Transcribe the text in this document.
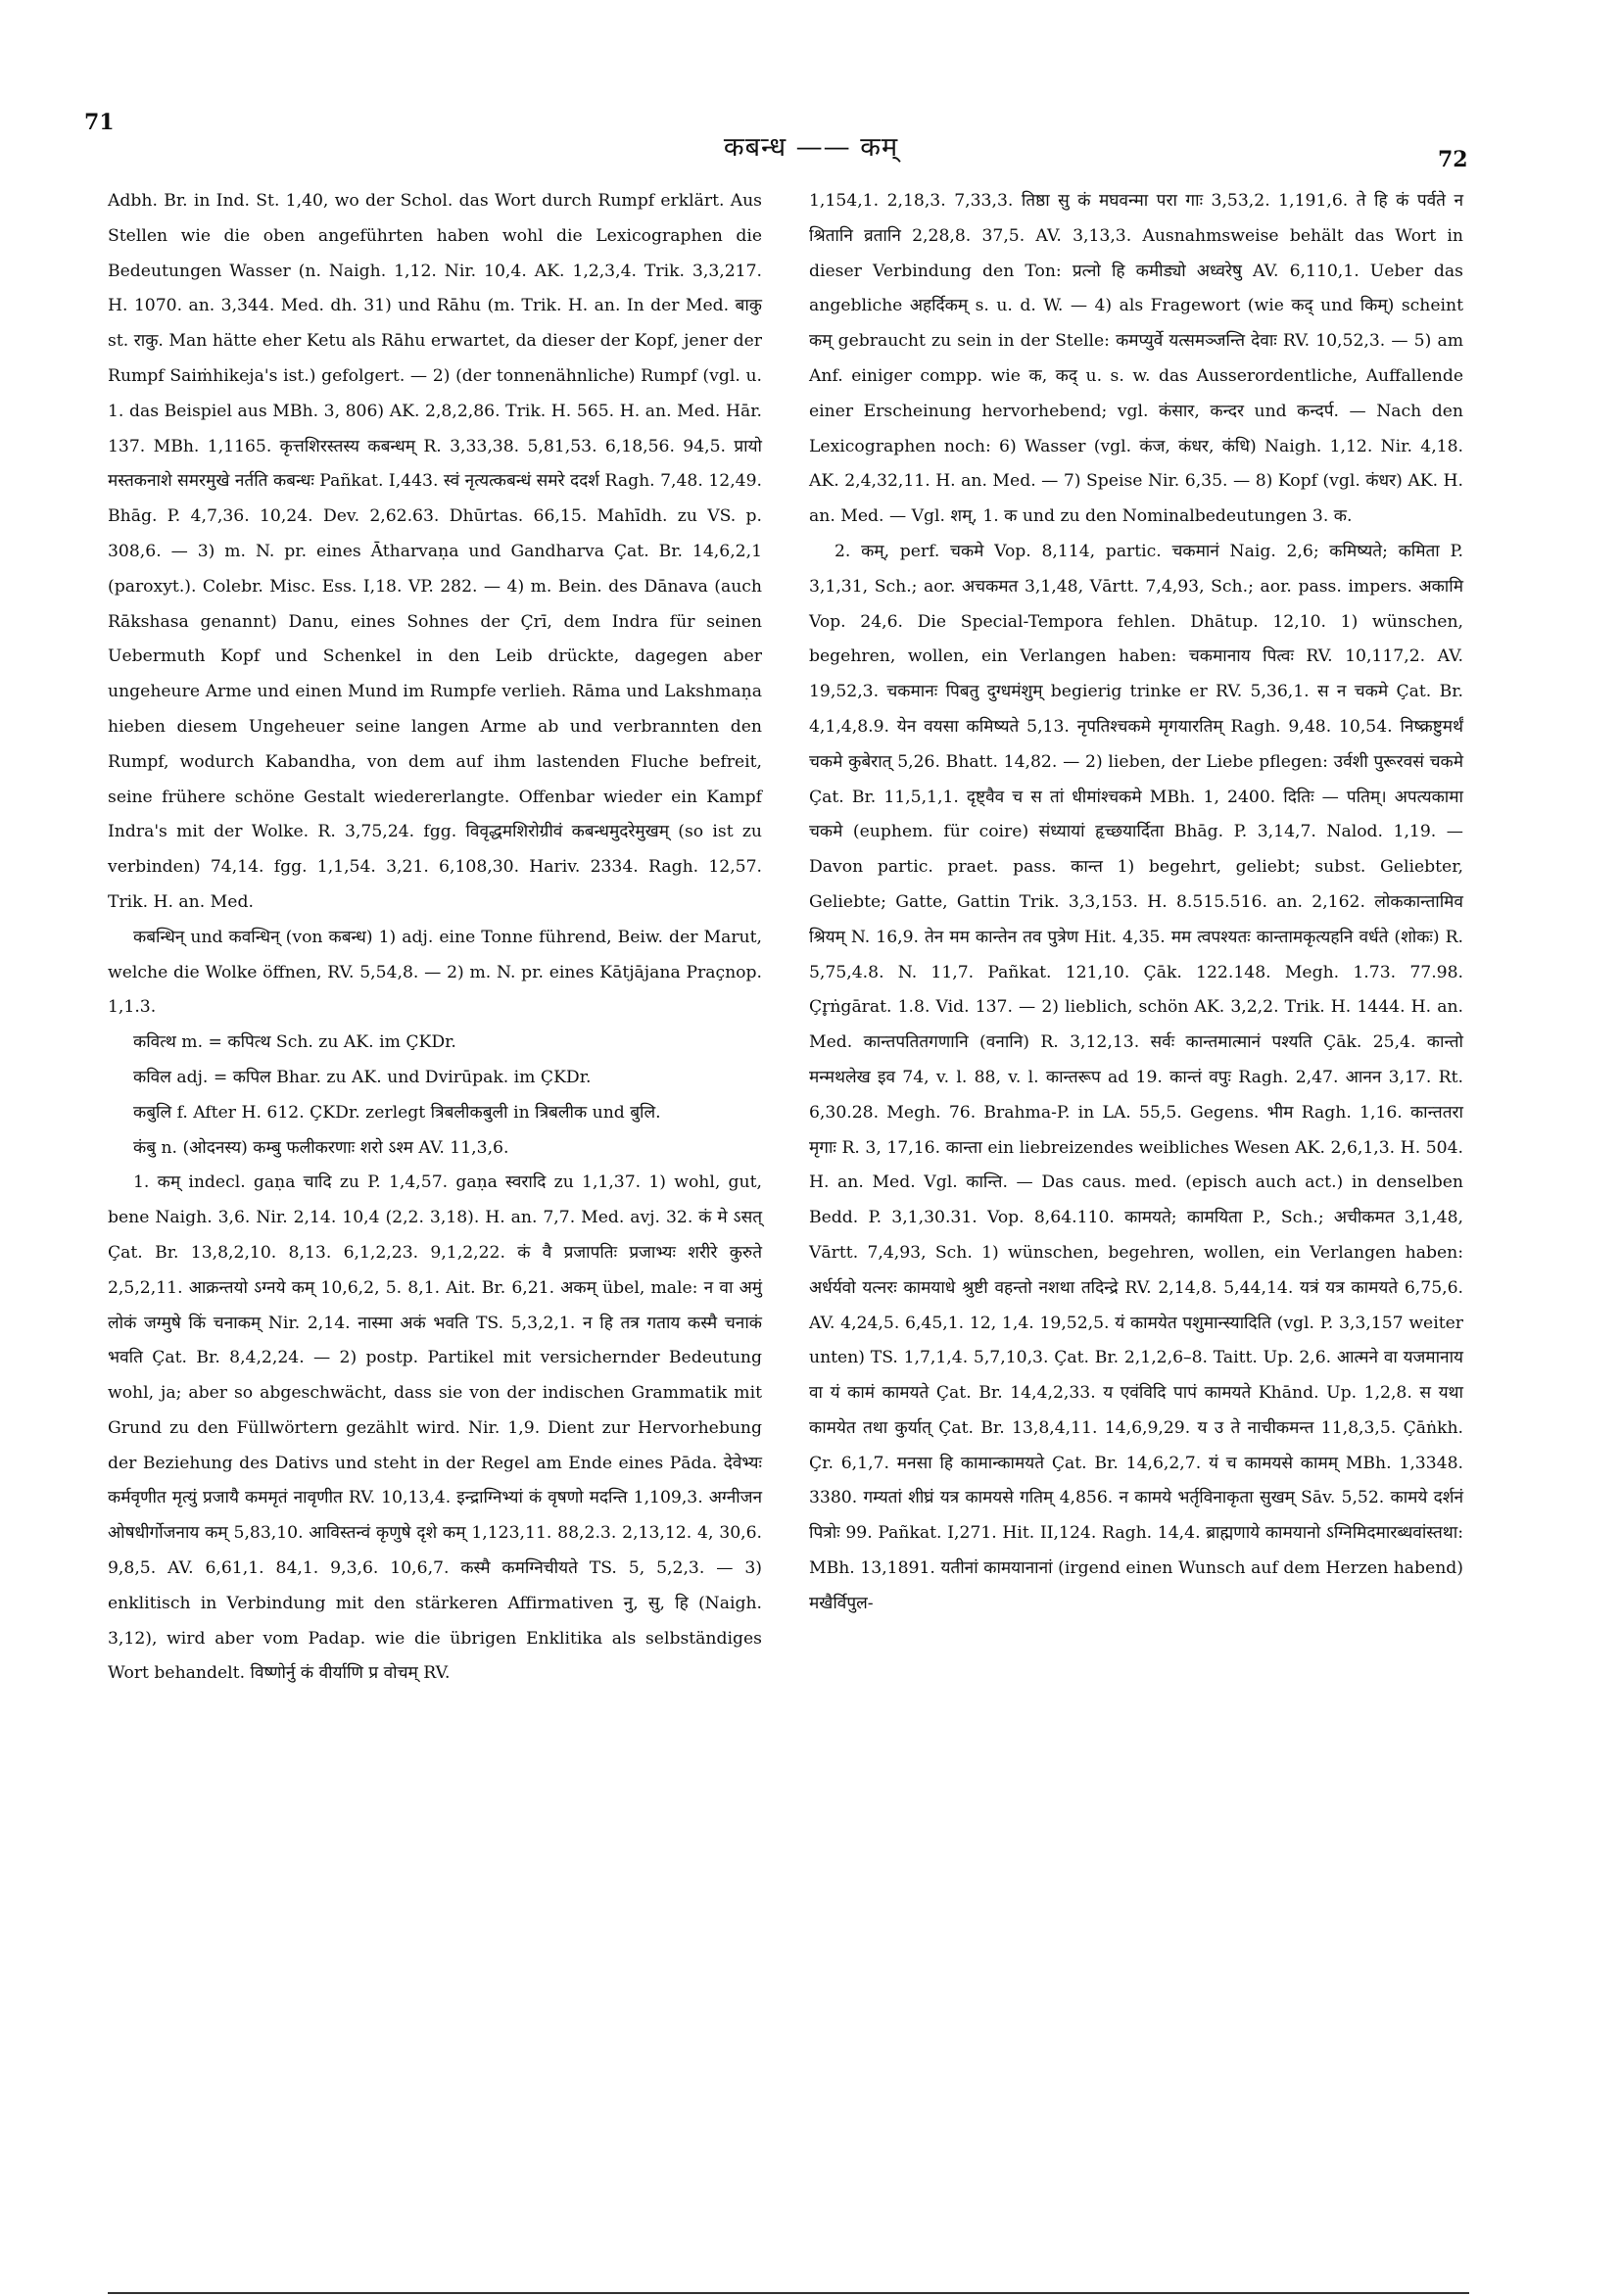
71
कबन्ध —— कम्	72

Adbh. Br. in Ind. St. 1,40, wo der Schol. das Wort durch Rumpf erklärt. Aus Stellen wie die oben angeführten haben wohl die Lexicographen die Bedeutungen Wasser (n. Naigh. 1,12. Nir. 10,4. AK. 1,2,3,4. Trik. 3,3,217. H. 1070. an. 3,344. Med. dh. 31) und Rāhu (m. Trik. H. an. In der Med. बाकु st. राकु. Man hätte eher Ketu als Rāhu erwartet, da dieser der Kopf, jener der Rumpf Saiṁhikeja's ist.) gefolgert. — 2) (der tonnenähnliche) Rumpf (vgl. u. 1. das Beispiel aus MBh. 3, 806) AK. 2,8,2,86. Trik. H. 565. H. an. Med. Hār. 137. MBh. 1,1165. कृत्तशिरस्तस्य कबन्धम् R. 3,33,38. 5,81,53. 6,18,56. 94,5. प्रायो मस्तकनाशे समरमुखे नर्तति कबन्धः Pañkat. I,443. स्वं नृत्यत्कबन्धं समरे ददर्श Ragh. 7,48. 12,49. Bhāg. P. 4,7,36. 10,24. Dev. 2,62.63. Dhūrtas. 66,15. Mahīdh. zu VS. p. 308,6. — 3) m. N. pr. eines Ātharvaṇa und Gandharva Çat. Br. 14,6,2,1 (paroxyt.). Colebr. Misc. Ess. I,18. VP. 282. — 4) m. Bein. des Dānava (auch Rākshasa genannt) Danu, eines Sohnes der Çrī, dem Indra für seinen Uebermuth Kopf und Schenkel in den Leib drückte, dagegen aber ungeheure Arme und einen Mund im Rumpfe verlieh. Rāma und Lakshmaṇa hieben diesem Ungeheuer seine langen Arme ab und verbrannten den Rumpf, wodurch Kabandha, von dem auf ihm lastenden Fluche befreit, seine frühere schöne Gestalt wiedererlangte. Offenbar wieder ein Kampf Indra's mit der Wolke. R. 3,75,24. fgg. विवृद्धमशिरोग्रीवं कबन्धमुदरेमुखम् (so ist zu verbinden) 74,14. fgg. 1,1,54. 3,21. 6,108,30. Hariv. 2334. Ragh. 12,57. Trik. H. an. Med.

कबन्धिन् und कवन्धिन् (von कबन्ध) 1) adj. eine Tonne führend, Beiw. der Marut, welche die Wolke öffnen, RV. 5,54,8. — 2) m. N. pr. eines Kātjājana Praçnop. 1,1.3.

कवित्थ m. = कपित्थ Sch. zu AK. im ÇKDr.

कविल adj. = कपिल Bhar. zu AK. und Dvirūpak. im ÇKDr.

कबुलि f. After H. 612. ÇKDr. zerlegt त्रिबलीकबुली in त्रिबलीक und बुलि.

कंबु n. (ओदनस्य) कम्बु फलीकरणाः शरो ऽश्म AV. 11,3,6.

1. कम् indecl. gaṇa चादि zu P. 1,4,57. gaṇa स्वरादि zu 1,1,37. 1) wohl, gut, bene Naigh. 3,6. Nir. 2,14. 10,4 (2,2. 3,18). H. an. 7,7. Med. avj. 32. कं मे ऽसत् Çat. Br. 13,8,2,10. 8,13. 6,1,2,23. 9,1,2,22. कं वै प्रजापतिः प्रजाभ्यः शरीरे कुरुते 2,5,2,11. आक्रन्तयो ऽग्नये कम् 10,6,2, 5. 8,1. Ait. Br. 6,21. अकम् übel, male: न वा अमुं लोकं जग्मुषे किं चनाकम् Nir. 2,14. नास्मा अकं भवति TS. 5,3,2,1. न हि तत्र गताय कस्मै चनाकं भवति Çat. Br. 8,4,2,24. — 2) postp. Partikel mit versichernder Bedeutung wohl, ja; aber so abgeschwächt, dass sie von der indischen Grammatik mit Grund zu den Füllwörtern gezählt wird. Nir. 1,9. Dient zur Hervorhebung der Beziehung des Dativs und steht in der Regel am Ende eines Pāda. देवेभ्यः कर्मवृणीत मृत्युं प्रजायै कममृतं नावृणीत RV. 10,13,4. इन्द्राग्निभ्यां कं वृषणो मदन्ति 1,109,3. अग्नीजन ओषधीर्गोजनाय कम् 5,83,10. आविस्तन्वं कृणुषे दृशे कम् 1,123,11. 88,2.3. 2,13,12. 4, 30,6. 9,8,5. AV. 6,61,1. 84,1. 9,3,6. 10,6,7. कस्मै कमग्निचीयते TS. 5, 5,2,3. — 3) enklitisch in Verbindung mit den stärkeren Affirmativen नु, सु, हि (Naigh. 3,12), wird aber vom Padap. wie die übrigen Enklitika als selbständiges Wort behandelt. विष्णोर्नु कं वीर्याणि प्र वोचम् RV.

1,154,1. 2,18,3. 7,33,3. तिष्ठा सु कं मघवन्मा परा गाः 3,53,2. 1,191,6. ते हि कं पर्वते न श्रितानि व्रतानि 2,28,8. 37,5. AV. 3,13,3. Ausnahmsweise behält das Wort in dieser Verbindung den Ton: प्रत्नो हि कमीड्यो अध्वरेषु AV. 6,110,1. Ueber das angebliche अहर्दिकम् s. u. d. W. — 4) als Fragewort (wie कद् und किम्) scheint कम् gebraucht zu sein in der Stelle: कमप्युर्वे यत्समञ्जन्ति देवाः RV. 10,52,3. — 5) am Anf. einiger compp. wie क, कद् u. s. w. das Ausserordentliche, Auffallende einer Erscheinung hervorhebend; vgl. कंसार, कन्दर und कन्दर्प. — Nach den Lexicographen noch: 6) Wasser (vgl. कंज, कंधर, कंधि) Naigh. 1,12. Nir. 4,18. AK. 2,4,32,11. H. an. Med. — 7) Speise Nir. 6,35. — 8) Kopf (vgl. कंधर) AK. H. an. Med. — Vgl. शम्, 1. क und zu den Nominalbedeutungen 3. क.

2. कम्, perf. चकमे Vop. 8,114, partic. चकमानं Naig. 2,6; कमिष्यते; कमिता P. 3,1,31, Sch.; aor. अचकमत 3,1,48, Vārtt. 7,4,93, Sch.; aor. pass. impers. अकामि Vop. 24,6. Die Special-Tempora fehlen. Dhātup. 12,10. 1) wünschen, begehren, wollen, ein Verlangen haben: चकमानाय पित्वः RV. 10,117,2. AV. 19,52,3. चकमानः पिबतु दुग्धमंशुम् begierig trinke er RV. 5,36,1. स न चकमे Çat. Br. 4,1,4,8.9. येन वयसा कमिष्यते 5,13. नृपतिश्चकमे मृगयारतिम् Ragh. 9,48. 10,54. निष्क्रष्टुमर्थं चकमे कुबेरात् 5,26. Bhatt. 14,82. — 2) lieben, der Liebe pflegen: उर्वशी पुरूरवसं चकमे Çat. Br. 11,5,1,1. दृष्ट्वैव च स तां धीमांश्चकमे MBh. 1, 2400. दितिः — पतिम्। अपत्यकामा चकमे (euphem. für coire) संध्यायां हृच्छयार्दिता Bhāg. P. 3,14,7. Nalod. 1,19. — Davon partic. praet. pass. कान्त 1) begehrt, geliebt; subst. Geliebter, Geliebte; Gatte, Gattin Trik. 3,3,153. H. 8.515.516. an. 2,162. लोककान्तामिव श्रियम् N. 16,9. तेन मम कान्तेन तव पुत्रेण Hit. 4,35. मम त्वपश्यतः कान्तामकृत्यहनि वर्धते (शोकः) R. 5,75,4.8. N. 11,7. Pañkat. 121,10. Çāk. 122.148. Megh. 1.73. 77.98. Çr̥ṅgārat. 1.8. Vid. 137. — 2) lieblich, schön AK. 3,2,2. Trik. H. 1444. H. an. Med. कान्तपतितगणानि (वनानि) R. 3,12,13. सर्वः कान्तमात्मानं पश्यति Çāk. 25,4. कान्तो मन्मथलेख इव 74, v. l. 88, v. l. कान्तरूप ad 19. कान्तं वपुः Ragh. 2,47. आनन 3,17. Rt. 6,30.28. Megh. 76. Brahma-P. in LA. 55,5. Gegens. भीम Ragh. 1,16. कान्ततरा मृगाः R. 3, 17,16. कान्ता ein liebreizendes weibliches Wesen AK. 2,6,1,3. H. 504. H. an. Med. Vgl. कान्ति. — Das caus. med. (episch auch act.) in denselben Bedd. P. 3,1,30.31. Vop. 8,64.110. कामयते; कामयिता P., Sch.; अचीकमत 3,1,48, Vārtt. 7,4,93, Sch. 1) wünschen, begehren, wollen, ein Verlangen haben: अर्धर्यवो यत्नरः कामयाधे श्रुष्टी वहन्तो नशथा तदिन्द्रे RV. 2,14,8. 5,44,14. यत्रं यत्र कामयते 6,75,6. AV. 4,24,5. 6,45,1. 12, 1,4. 19,52,5. यं कामयेत पशुमान्स्यादिति (vgl. P. 3,3,157 weiter unten) TS. 1,7,1,4. 5,7,10,3. Çat. Br. 2,1,2,6–8. Taitt. Up. 2,6. आत्मने वा यजमानाय वा यं कामं कामयते Çat. Br. 14,4,2,33. य एवंविदि पापं कामयते Khānd. Up. 1,2,8. स यथा कामयेत तथा कुर्यात् Çat. Br. 13,8,4,11. 14,6,9,29. य उ ते नाचीकमन्त 11,8,3,5. Çāṅkh. Çr. 6,1,7. मनसा हि कामान्कामयते Çat. Br. 14,6,2,7. यं च कामयसे कामम् MBh. 1,3348. 3380. गम्यतां शीघ्रं यत्र कामयसे गतिम् 4,856. न कामये भर्तृविनाकृता सुखम् Sāv. 5,52. कामये दर्शनं पित्रोः 99. Pañkat. I,271. Hit. II,124. Ragh. 14,4. ब्राह्मणाये कामयानो ऽग्निमिदमारब्धवांस्तथा: MBh. 13,1891. यतीनां कामयानानां (irgend einen Wunsch auf dem Herzen habend) मखैर्विपुल-
